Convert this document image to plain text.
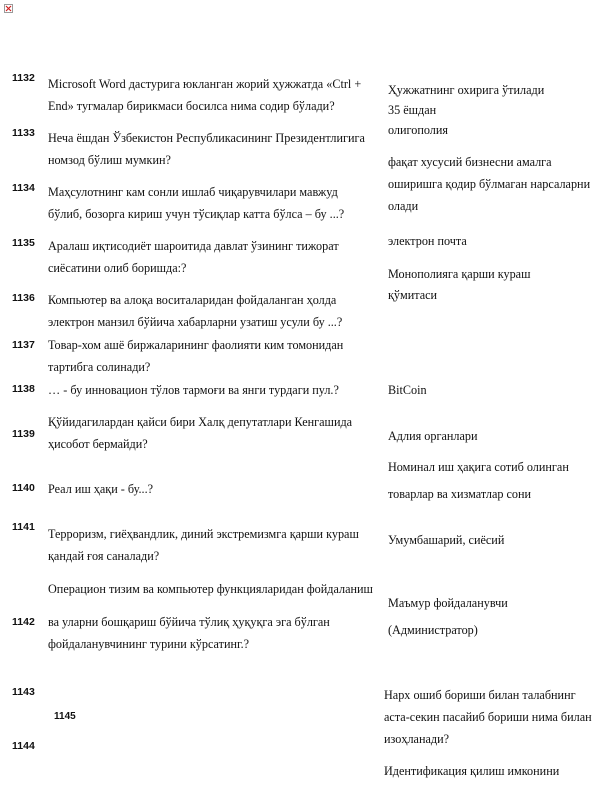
1132
1133
1134
1135
1136
1137
1138
1139
1140
1141
1142
1143
1145
1144
Microsoft Word дастурига юкланган жорий ҳужжатда «Ctrl +
End» тугмалар бирикмаси босилса нима содир бўлади?
Неча ёшдан Ўзбекистон Республикасининг Президентлигига
номзод бўлиш мумкин?
Маҳсулотнинг кам сонли ишлаб чиқарувчилари мавжуд
бўлиб, бозорга кириш учун тўсиқлар катта бўлса – бу ...?
Аралаш иқтисодиёт шароитида давлат ўзининг тижорат
сиёсатини олиб боришда:?
Компьютер ва алоқа воситаларидан фойдаланган ҳолда
электрон манзил бўйича хабарларни узатиш усули бу ...?
Товар-хом ашё биржаларининг фаолияти ким томонидан
тартибга солинади?
… - бу инновацион тўлов тармоғи ва янги турдаги пул.?
Қўйидагилардан қайси бири Халқ депутатлари Кенгашида
ҳисобот бермайди?
Реал иш ҳақи - бу...?
Терроризм, гиёҳвандлик, диний экстремизмга қарши кураш
қандай ғоя саналади?
Операцион тизим ва компьютер функцияларидан фойдаланиш
ва уларни бошқариш бўйича тўлиқ ҳуқуқга эга бўлган
фойдаланувчининг турини кўрсатинг.?
Ҳужжатнинг охирига ўтилади
35 ёшдан
олигополия
фақат хусусий бизнесни амалга
оширишга қодир бўлмаган нарсаларни
олади
электрон почта
Монополияга қарши кураш
қўмитаси
BitCoin
Адлия органлари
Номинал иш ҳақига сотиб олинган
товарлар ва хизматлар сони
Умумбашарий, сиёсий
Маъмур фойдаланувчи
(Администратор)
Нарх ошиб бориши билан талабнинг
аста-секин пасайиб бориши нима билан
изоҳланади?
Идентификация қилиш имконини
